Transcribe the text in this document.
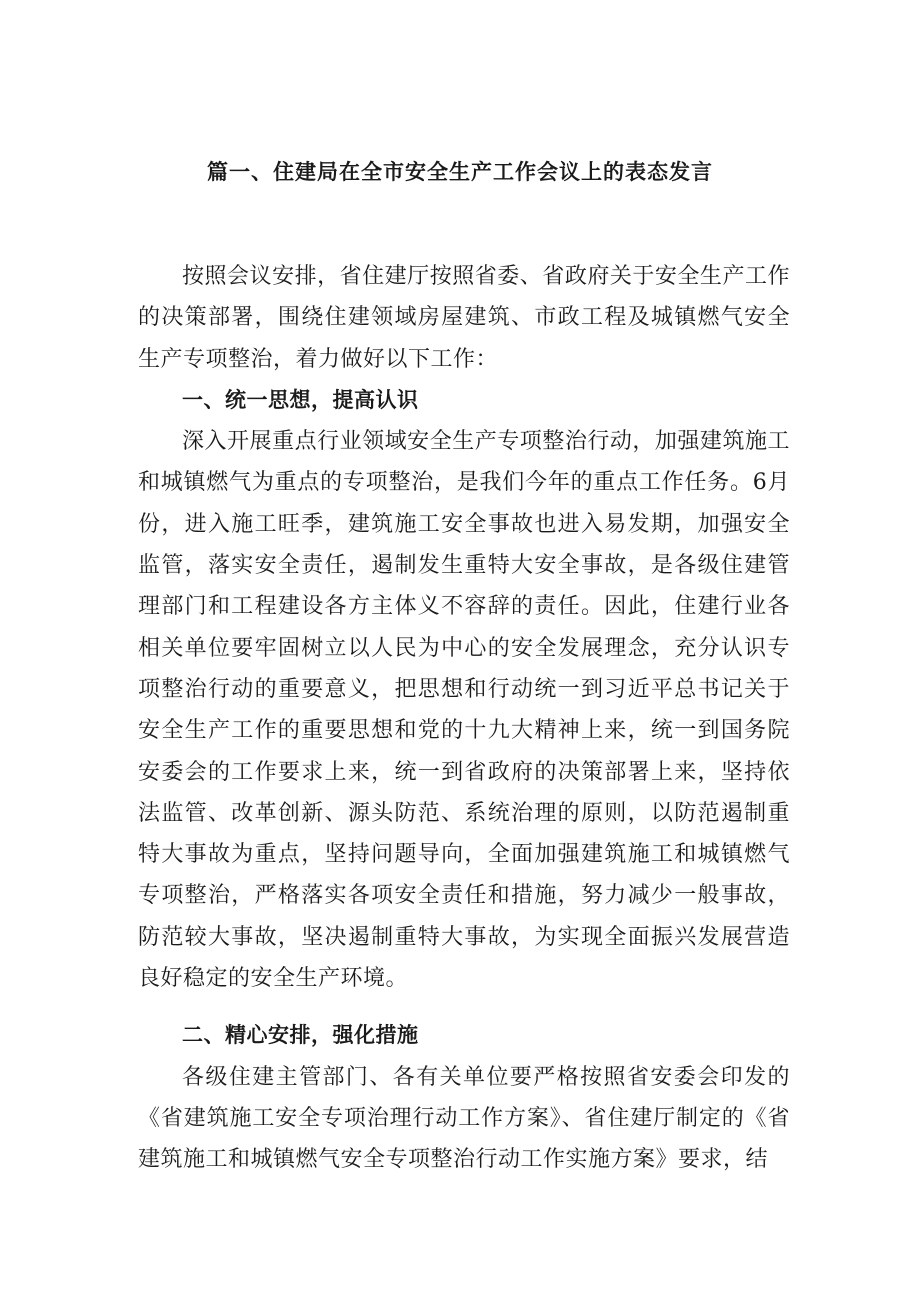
篇一、住建局在全市安全生产工作会议上的表态发言

按照会议安排，省住建厅按照省委、省政府关于安全生产工作的决策部署，围绕住建领域房屋建筑、市政工程及城镇燃气安全生产专项整治，着力做好以下工作：

一、统一思想，提高认识

深入开展重点行业领域安全生产专项整治行动，加强建筑施工和城镇燃气为重点的专项整治，是我们今年的重点工作任务。6月份，进入施工旺季，建筑施工安全事故也进入易发期，加强安全监管，落实安全责任，遏制发生重特大安全事故，是各级住建管理部门和工程建设各方主体义不容辞的责任。因此，住建行业各相关单位要牢固树立以人民为中心的安全发展理念，充分认识专项整治行动的重要意义，把思想和行动统一到习近平总书记关于安全生产工作的重要思想和党的十九大精神上来，统一到国务院安委会的工作要求上来，统一到省政府的决策部署上来，坚持依法监管、改革创新、源头防范、系统治理的原则，以防范遏制重特大事故为重点，坚持问题导向，全面加强建筑施工和城镇燃气专项整治，严格落实各项安全责任和措施，努力减少一般事故，防范较大事故，坚决遏制重特大事故，为实现全面振兴发展营造良好稳定的安全生产环境。

二、精心安排，强化措施

各级住建主管部门、各有关单位要严格按照省安委会印发的《省建筑施工安全专项治理行动工作方案》、省住建厅制定的《省建筑施工和城镇燃气安全专项整治行动工作实施方案》要求，结
